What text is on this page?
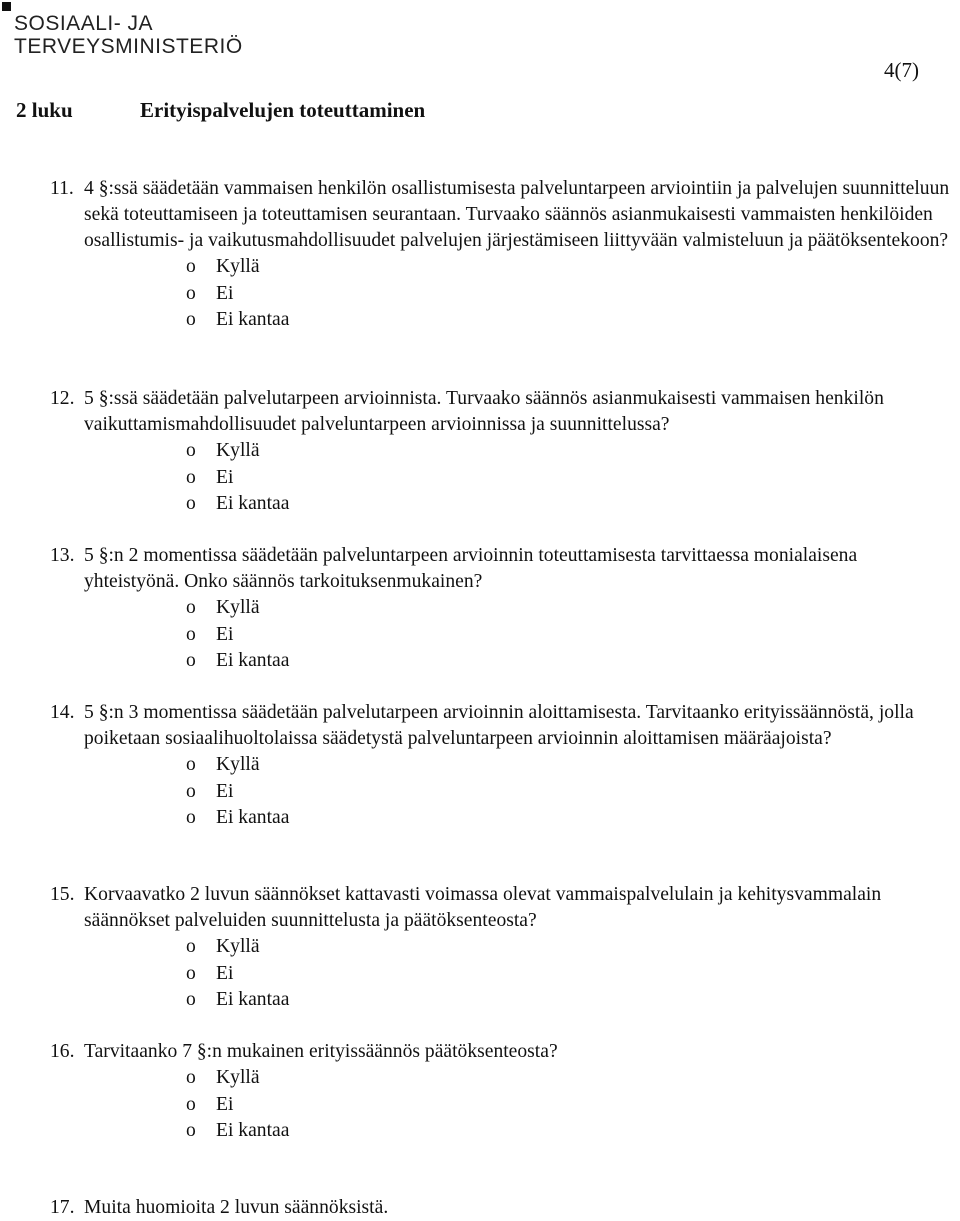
SOSIAALI- JA
TERVEYSMINISTERIÖ
4(7)
2 luku	Erityispalvelujen toteuttaminen
11. 4 §:ssä säädetään vammaisen henkilön osallistumisesta palveluntarpeen arviointiin ja palvelujen suunnitteluun sekä toteuttamiseen ja toteuttamisen seurantaan. Turvaako säännös asianmukaisesti vammaisten henkilöiden osallistumis- ja vaikutusmahdollisuudet palvelujen järjestämiseen liittyvään valmisteluun ja päätöksentekoon?
o Kyllä
o Ei
o Ei kantaa
12. 5 §:ssä säädetään palvelutarpeen arvioinnista. Turvaako säännös asianmukaisesti vammaisen henkilön vaikuttamismahdollisuudet palveluntarpeen arvioinnissa ja suunnittelussa?
o Kyllä
o Ei
o Ei kantaa
13. 5 §:n 2 momentissa säädetään palveluntarpeen arvioinnin toteuttamisesta tarvittaessa monialaisena yhteistyönä. Onko säännös tarkoituksenmukainen?
o Kyllä
o Ei
o Ei kantaa
14. 5 §:n 3 momentissa säädetään palvelutarpeen arvioinnin aloittamisesta. Tarvitaanko erityissäännöstä, jolla poiketaan sosiaalihuoltolaissa säädetystä palveluntarpeen arvioinnin aloittamisen määräajoista?
o Kyllä
o Ei
o Ei kantaa
15. Korvaavatko 2 luvun säännökset kattavasti voimassa olevat vammaispalvelulain ja kehitysvammalain säännökset palveluiden suunnittelusta ja päätöksenteosta?
o Kyllä
o Ei
o Ei kantaa
16. Tarvitaanko 7 §:n mukainen erityissäännös päätöksenteosta?
o Kyllä
o Ei
o Ei kantaa
17. Muita huomioita 2 luvun säännöksistä.
